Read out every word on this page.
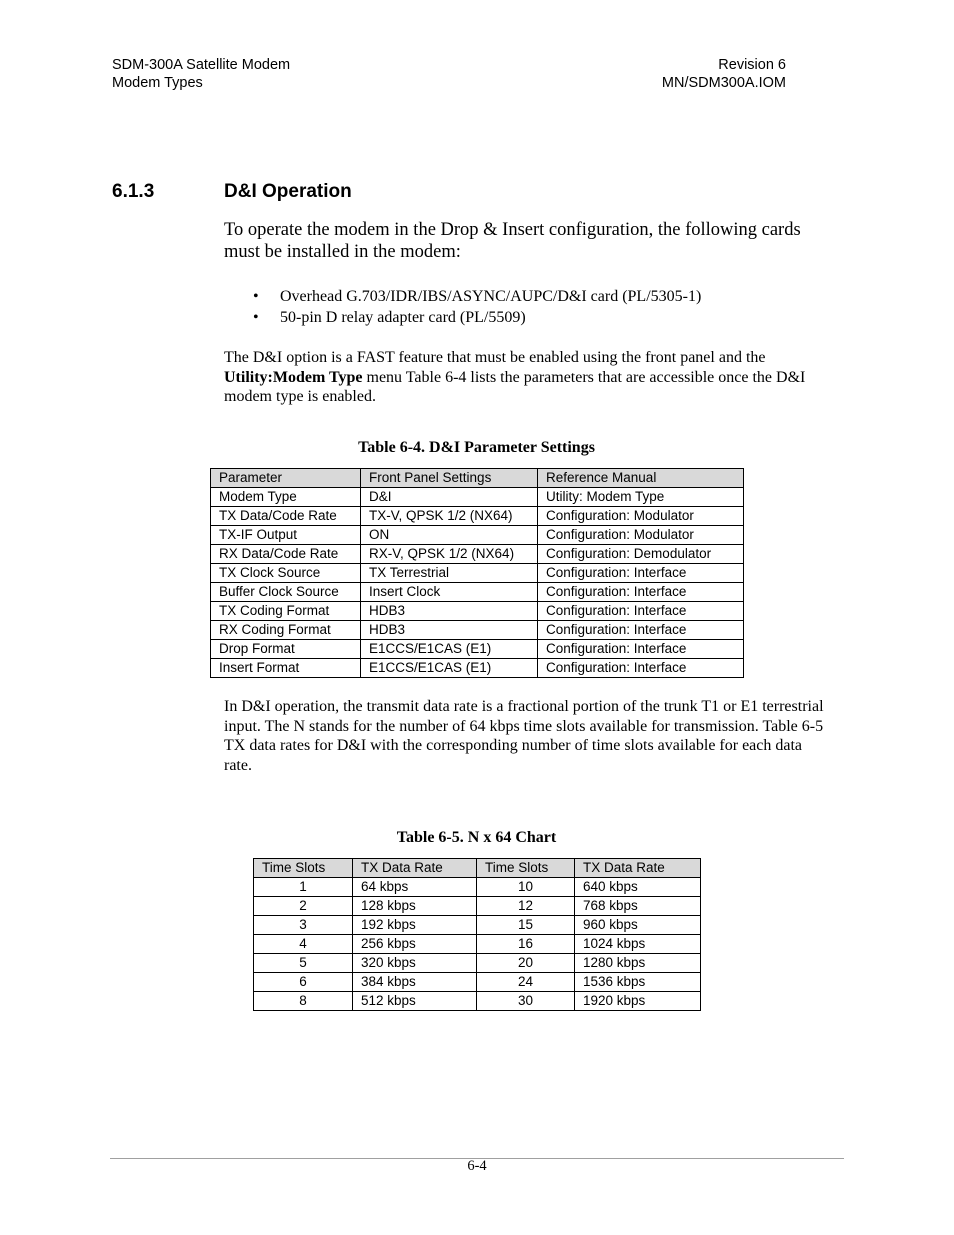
SDM-300A Satellite Modem
Modem Types
Revision 6
MN/SDM300A.IOM
6.1.3	D&I Operation
To operate the modem in the Drop & Insert configuration, the following cards must be installed in the modem:
• Overhead G.703/IDR/IBS/ASYNC/AUPC/D&I card (PL/5305-1)
• 50-pin D relay adapter card (PL/5509)
The D&I option is a FAST feature that must be enabled using the front panel and the Utility:Modem Type menu Table 6-4 lists the parameters that are accessible once the D&I modem type is enabled.
Table 6-4. D&I Parameter Settings
Parameter	Front Panel Settings	Reference Manual
Modem Type	D&I	Utility: Modem Type
TX Data/Code Rate	TX-V, QPSK 1/2 (NX64)	Configuration: Modulator
TX-IF Output	ON	Configuration: Modulator
RX Data/Code Rate	RX-V, QPSK 1/2 (NX64)	Configuration: Demodulator
TX Clock Source	TX Terrestrial	Configuration: Interface
Buffer Clock Source	Insert Clock	Configuration: Interface
TX Coding Format	HDB3	Configuration: Interface
RX Coding Format	HDB3	Configuration: Interface
Drop Format	E1CCS/E1CAS (E1)	Configuration: Interface
Insert Format	E1CCS/E1CAS (E1)	Configuration: Interface
In D&I operation, the transmit data rate is a fractional portion of the trunk T1 or E1 terrestrial input. The N stands for the number of 64 kbps time slots available for transmission. Table 6-5 TX data rates for D&I with the corresponding number of time slots available for each data rate.
Table 6-5. N x 64 Chart
Time Slots	TX Data Rate	Time Slots	TX Data Rate
1	64 kbps	10	640 kbps
2	128 kbps	12	768 kbps
3	192 kbps	15	960 kbps
4	256 kbps	16	1024 kbps
5	320 kbps	20	1280 kbps
6	384 kbps	24	1536 kbps
8	512 kbps	30	1920 kbps
6-4
